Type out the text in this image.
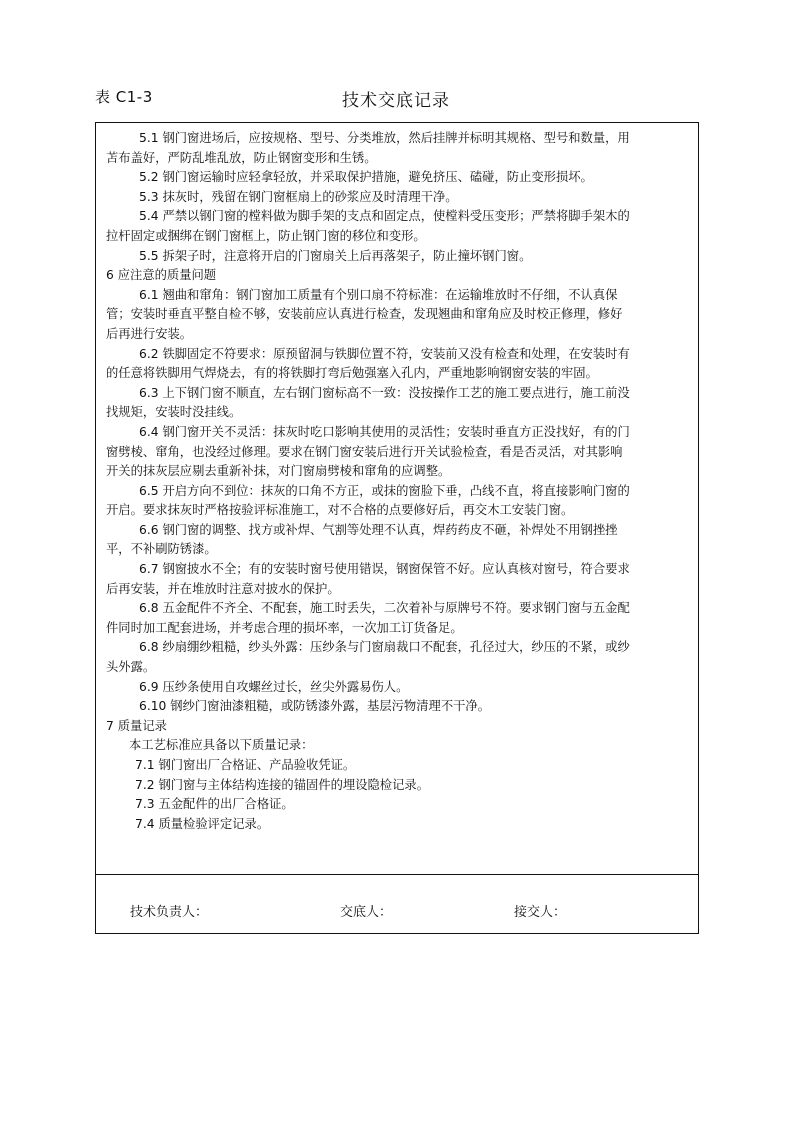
表 C1-3	技术交底记录
5.1 钢门窗进场后，应按规格、型号、分类堆放，然后挂牌并标明其规格、型号和数量，用
苫布盖好，严防乱堆乱放，防止钢窗变形和生锈。
5.2 钢门窗运输时应轻拿轻放，并采取保护措施，避免挤压、磕碰，防止变形损坏。
5.3 抹灰时，残留在钢门窗框扇上的砂浆应及时清理干净。
5.4 严禁以钢门窗的樘料做为脚手架的支点和固定点，使樘料受压变形；严禁将脚手架木的
拉杆固定或捆绑在钢门窗框上，防止钢门窗的移位和变形。
5.5 拆架子时，注意将开启的门窗扇关上后再落架子，防止撞坏钢门窗。
6 应注意的质量问题
6.1 翘曲和窜角：钢门窗加工质量有个别口扇不符标准：在运输堆放时不仔细，不认真保
管；安装时垂直平整自检不够，安装前应认真进行检查，发现翘曲和窜角应及时校正修理，修好
后再进行安装。
6.2 铁脚固定不符要求：原预留洞与铁脚位置不符，安装前又没有检查和处理，在安装时有
的任意将铁脚用气焊烧去，有的将铁脚打弯后勉强塞入孔内，严重地影响钢窗安装的牢固。
6.3 上下钢门窗不顺直，左右钢门窗标高不一致：没按操作工艺的施工要点进行，施工前没
找规矩，安装时没挂线。
6.4 钢门窗开关不灵活：抹灰时吃口影响其使用的灵活性；安装时垂直方正没找好，有的门
窗劈棱、窜角，也没经过修理。要求在钢门窗安装后进行开关试验检查，看是否灵活，对其影响
开关的抹灰层应剔去重新补抹，对门窗扇劈棱和窜角的应调整。
6.5 开启方向不到位：抹灰的口角不方正，或抹的窗脸下垂，凸线不直，将直接影响门窗的
开启。要求抹灰时严格按验评标准施工，对不合格的点要修好后，再交木工安装门窗。
6.6 钢门窗的调整、找方或补焊、气割等处理不认真，焊药药皮不砸，补焊处不用钢挫挫
平，不补刷防锈漆。
6.7 钢窗披水不全；有的安装时窗号使用错误，钢窗保管不好。应认真核对窗号，符合要求
后再安装，并在堆放时注意对披水的保护。
6.8 五金配件不齐全、不配套，施工时丢失，二次着补与原牌号不符。要求钢门窗与五金配
件同时加工配套进场，并考虑合理的损坏率，一次加工订货备足。
6.8 纱扇绷纱粗糙，纱头外露：压纱条与门窗扇裁口不配套，孔径过大，纱压的不紧，或纱
头外露。
6.9 压纱条使用自攻螺丝过长，丝尖外露易伤人。
6.10 钢纱门窗油漆粗糙，或防锈漆外露，基层污物清理不干净。
7 质量记录
本工艺标准应具备以下质量记录：
7.1 钢门窗出厂合格证、产品验收凭证。
7.2 钢门窗与主体结构连接的锚固件的埋设隐检记录。
7.3 五金配件的出厂合格证。
7.4 质量检验评定记录。
技术负责人：	交底人：	接交人：
